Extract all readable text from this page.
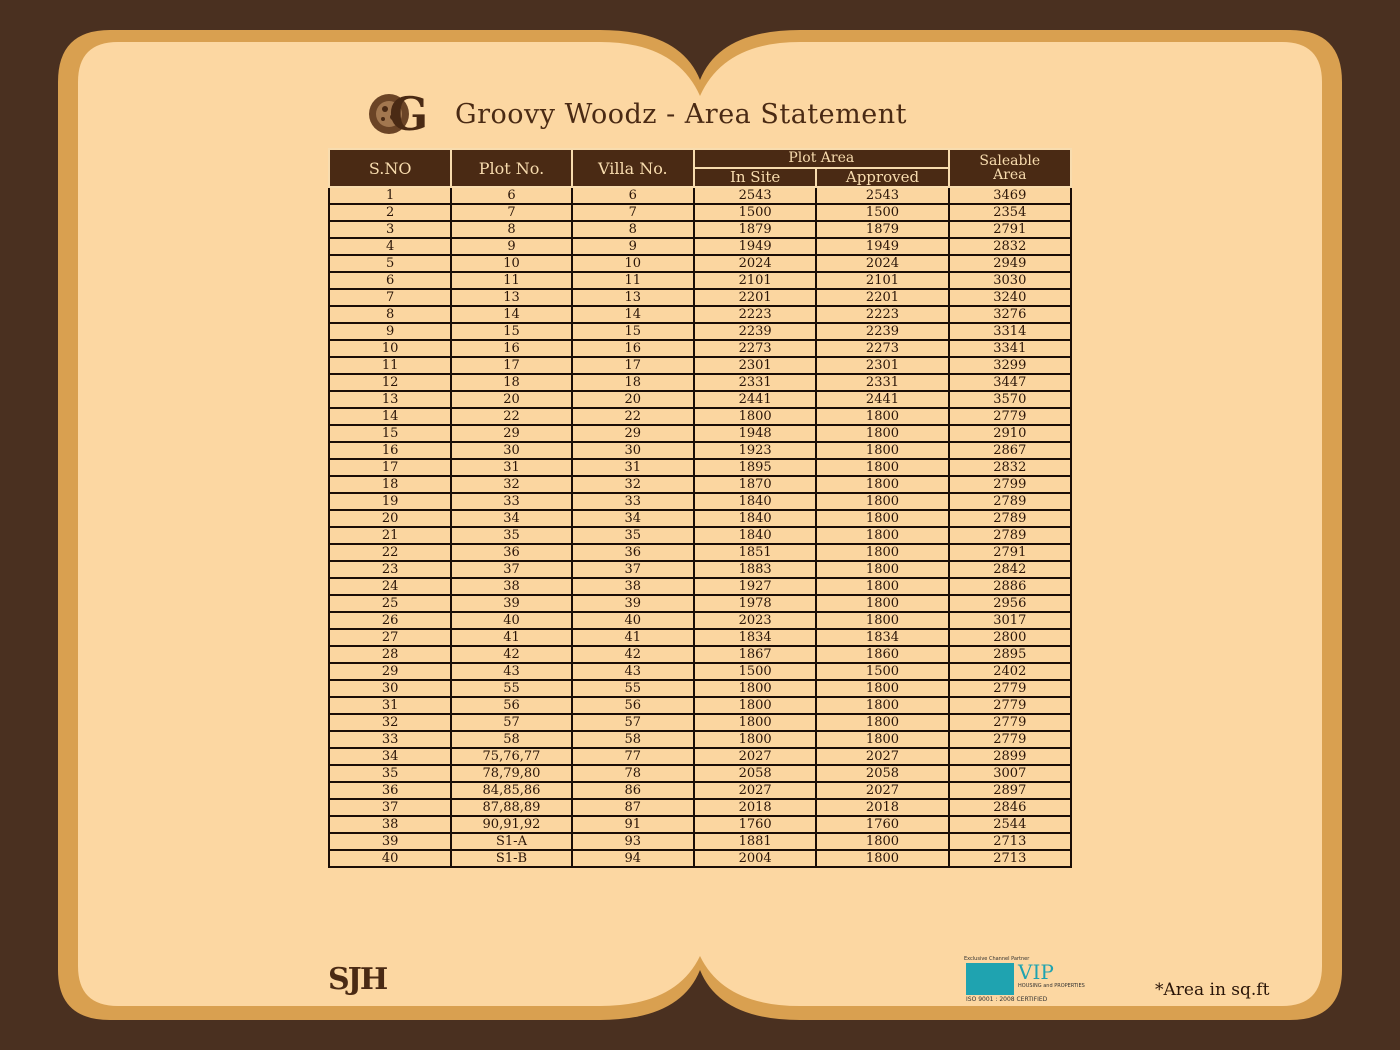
G Groovy Woodz - Area Statement
S.NO	Plot No.	Villa No.	Plot Area		Saleable
Area
			In Site	Approved	
1	6	6	2543	2543	3469
2	7	7	1500	1500	2354
3	8	8	1879	1879	2791
4	9	9	1949	1949	2832
5	10	10	2024	2024	2949
6	11	11	2101	2101	3030
7	13	13	2201	2201	3240
8	14	14	2223	2223	3276
9	15	15	2239	2239	3314
10	16	16	2273	2273	3341
11	17	17	2301	2301	3299
12	18	18	2331	2331	3447
13	20	20	2441	2441	3570
14	22	22	1800	1800	2779
15	29	29	1948	1800	2910
16	30	30	1923	1800	2867
17	31	31	1895	1800	2832
18	32	32	1870	1800	2799
19	33	33	1840	1800	2789
20	34	34	1840	1800	2789
21	35	35	1840	1800	2789
22	36	36	1851	1800	2791
23	37	37	1883	1800	2842
24	38	38	1927	1800	2886
25	39	39	1978	1800	2956
26	40	40	2023	1800	3017
27	41	41	1834	1834	2800
28	42	42	1867	1860	2895
29	43	43	1500	1500	2402
30	55	55	1800	1800	2779
31	56	56	1800	1800	2779
32	57	57	1800	1800	2779
33	58	58	1800	1800	2779
34	75,76,77	77	2027	2027	2899
35	78,79,80	78	2058	2058	3007
36	84,85,86	86	2027	2027	2897
37	87,88,89	87	2018	2018	2846
38	90,91,92	91	1760	1760	2544
39	S1-A	93	1881	1800	2713
40	S1-B	94	2004	1800	2713
SJH
Exclusive Channel Partner
VIP
HOUSING and PROPERTIES
ISO 9001 : 2008 CERTIFIED	*Area in sq.ft
